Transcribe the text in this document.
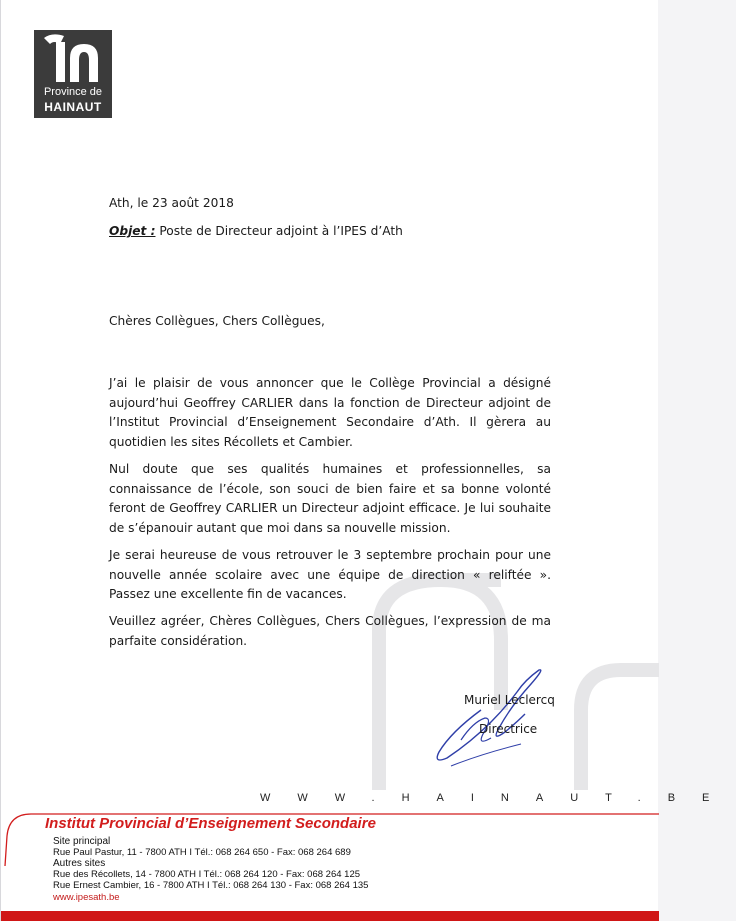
Province de
HAINAUT
Ath, le 23 août 2018
Objet : Poste de Directeur adjoint à l’IPES d’Ath
Chères Collègues, Chers Collègues,
J’ai le plaisir de vous annoncer que le Collège Provincial a désigné aujourd’hui Geoffrey CARLIER dans la fonction de Directeur adjoint de l’Institut Provincial d’Enseignement Secondaire d’Ath. Il gèrera au quotidien les sites Récollets et Cambier.
Nul doute que ses qualités humaines et professionnelles, sa connaissance de l’école, son souci de bien faire et sa bonne volonté feront de Geoffrey CARLIER un Directeur adjoint efficace. Je lui souhaite de s’épanouir autant que moi dans sa nouvelle mission.
Je serai heureuse de vous retrouver le 3 septembre prochain pour une nouvelle année scolaire avec une équipe de direction « reliftée ». Passez une excellente fin de vacances.
Veuillez agréer, Chères Collègues, Chers Collègues, l’expression de ma parfaite considération.
Muriel Leclercq
Directrice
WWW.HAINAUT.BE
Institut Provincial d’Enseignement Secondaire
Site principal
Rue Paul Pastur, 11 - 7800 ATH I Tél.: 068 264 650 - Fax: 068 264 689
Autres sites
Rue des Récollets, 14 - 7800 ATH I Tél.: 068 264 120 - Fax: 068 264 125
Rue Ernest Cambier, 16 - 7800 ATH I Tél.: 068 264 130 - Fax: 068 264 135
www.ipesath.be
